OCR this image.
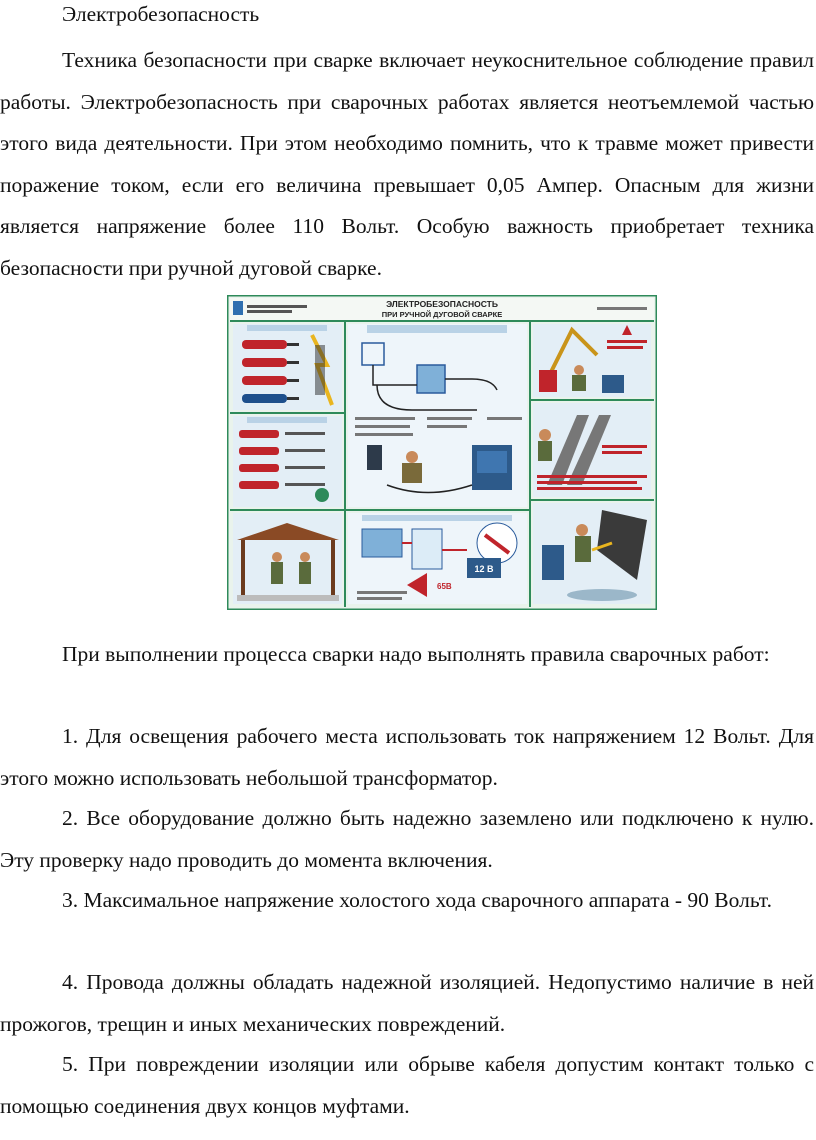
Электробезопасность

Техника безопасности при сварке включает неукоснительное соблюдение правил работы. Электробезопасность при сварочных работах является неотъемлемой частью этого вида деятельности. При этом необходимо помнить, что к травме может привести поражение током, если его величина превышает 0,05 Ампер. Опасным для жизни является напряжение более 110 Вольт. Особую важность приобретает техника безопасности при ручной дуговой сварке.

ЭЛЕКТРОБЕЗОПАСНОСТЬ
ПРИ РУЧНОЙ ДУГОВОЙ СВАРКЕ
12 В
65В

При выполнении процесса сварки надо выполнять правила сварочных работ:

1. Для освещения рабочего места использовать ток напряжением 12 Вольт. Для этого можно использовать небольшой трансформатор.

2. Все оборудование должно быть надежно заземлено или подключено к нулю. Эту проверку надо проводить до момента включения.

3. Максимальное напряжение холостого хода сварочного аппарата - 90 Вольт.

4. Провода должны обладать надежной изоляцией. Недопустимо наличие в ней прожогов, трещин и иных механических повреждений.

5. При повреждении изоляции или обрыве кабеля допустим контакт только с помощью соединения двух концов муфтами.
